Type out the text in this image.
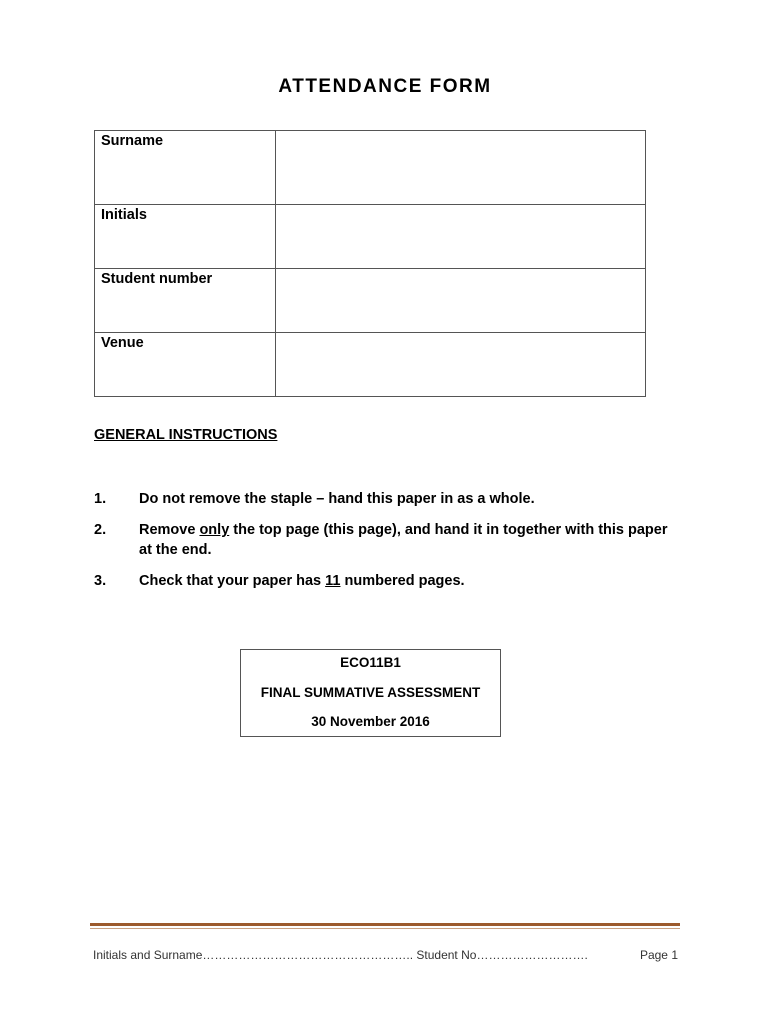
ATTENDANCE FORM
Surname	
Initials	
Student number	
Venue	
GENERAL INSTRUCTIONS
1. Do not remove the staple – hand this paper in as a whole.
2. Remove only the top page (this page), and hand it in together with this paper at the end.
3. Check that your paper has 11 numbered pages.
ECO11B1
FINAL SUMMATIVE ASSESSMENT
30 November 2016
Initials and Surname…………………………………………….. Student No……………………….	Page 1
